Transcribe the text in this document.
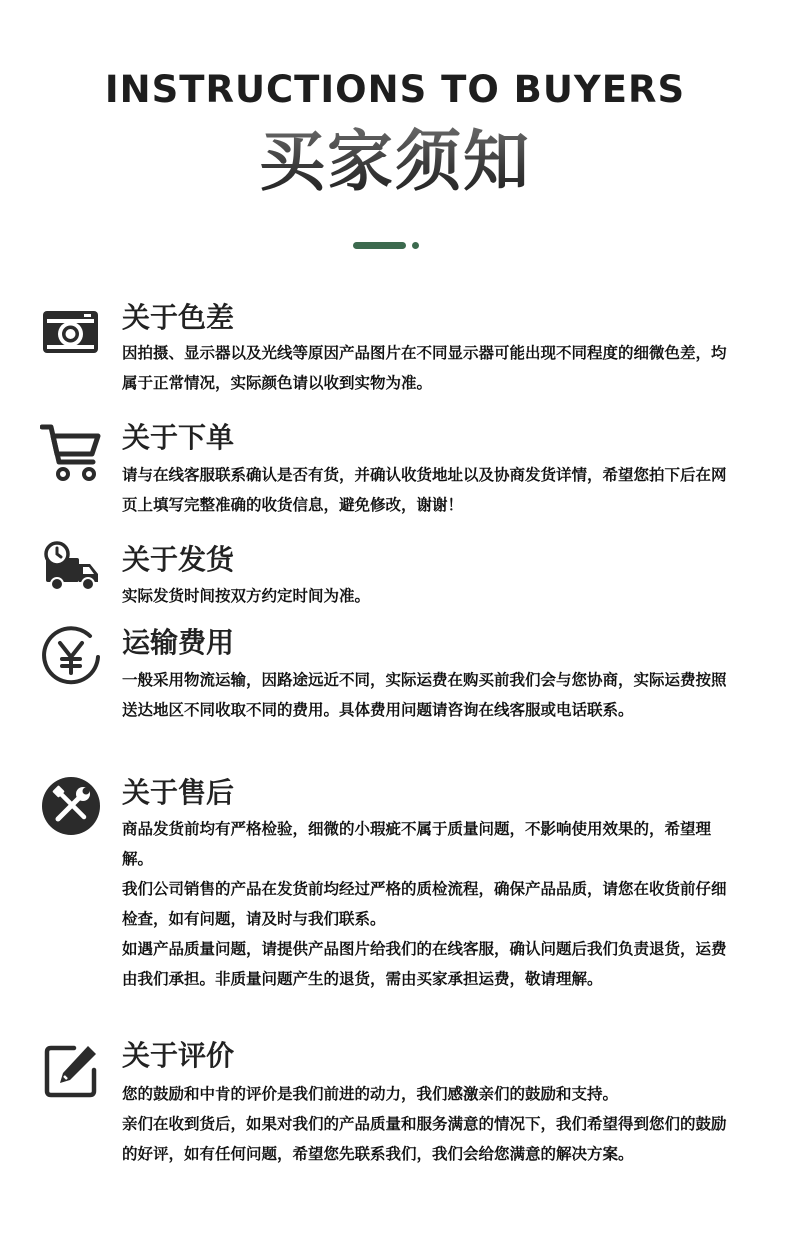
INSTRUCTIONS TO BUYERS
买家须知
关于色差

因拍摄、显示器以及光线等原因产品图片在不同显示器可能出现不同程度的细微色差，均属于正常情况，实际颜色请以收到实物为准。

关于下单

请与在线客服联系确认是否有货，并确认收货地址以及协商发货详情，希望您拍下后在网页上填写完整准确的收货信息，避免修改，谢谢！

关于发货

实际发货时间按双方约定时间为准。

运输费用

一般采用物流运输，因路途远近不同，实际运费在购买前我们会与您协商，实际运费按照送达地区不同收取不同的费用。具体费用问题请咨询在线客服或电话联系。

关于售后

商品发货前均有严格检验，细微的小瑕疵不属于质量问题，不影响使用效果的，希望理解。

我们公司销售的产品在发货前均经过严格的质检流程，确保产品品质，请您在收货前仔细检查，如有问题，请及时与我们联系。

如遇产品质量问题，请提供产品图片给我们的在线客服，确认问题后我们负责退货，运费由我们承担。非质量问题产生的退货，需由买家承担运费，敬请理解。

关于评价

您的鼓励和中肯的评价是我们前进的动力，我们感激亲们的鼓励和支持。

亲们在收到货后，如果对我们的产品质量和服务满意的情况下，我们希望得到您们的鼓励的好评，如有任何问题，希望您先联系我们，我们会给您满意的解决方案。
